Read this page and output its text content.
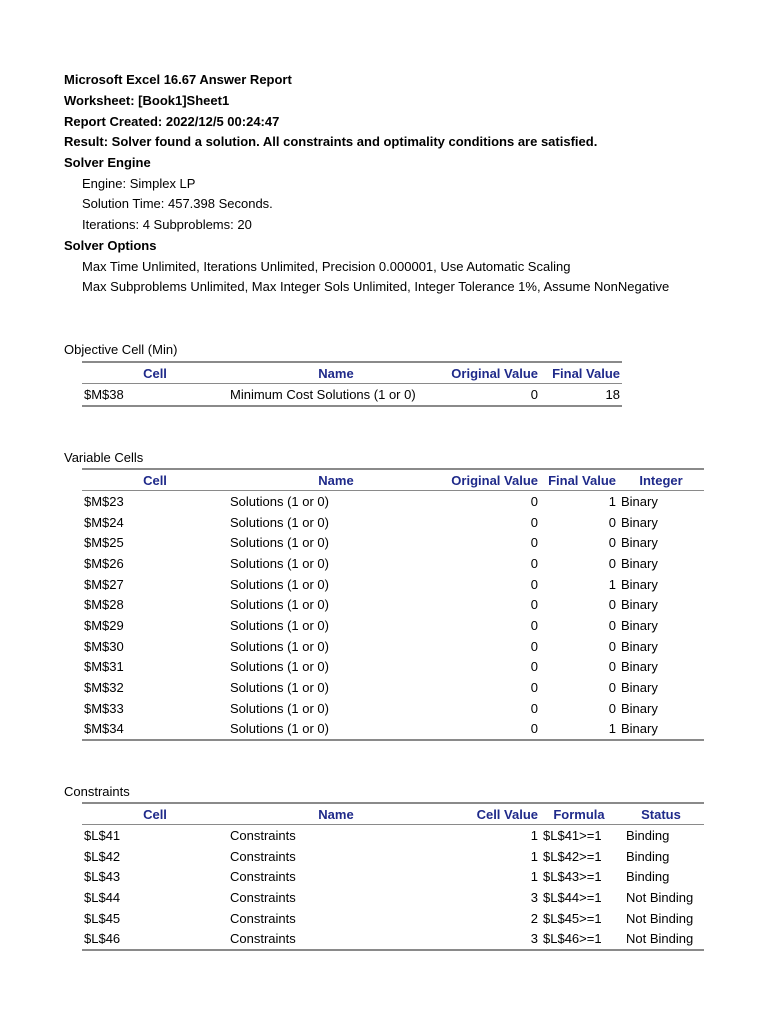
Microsoft Excel 16.67 Answer Report
Worksheet: [Book1]Sheet1
Report Created: 2022/12/5 00:24:47
Result: Solver found a solution. All constraints and optimality conditions are satisfied.
Solver Engine
Engine: Simplex LP
Solution Time: 457.398 Seconds.
Iterations: 4 Subproblems: 20
Solver Options
Max Time Unlimited, Iterations Unlimited, Precision 0.000001, Use Automatic Scaling
Max Subproblems Unlimited, Max Integer Sols Unlimited, Integer Tolerance 1%, Assume NonNegative
Objective Cell (Min)
Cell	Name	Original Value	Final Value
$M$38	Minimum Cost Solutions (1 or 0)	0	18
Variable Cells
Cell	Name	Original Value	Final Value	Integer
$M$23	Solutions (1 or 0)	0	1	Binary
$M$24	Solutions (1 or 0)	0	0	Binary
$M$25	Solutions (1 or 0)	0	0	Binary
$M$26	Solutions (1 or 0)	0	0	Binary
$M$27	Solutions (1 or 0)	0	1	Binary
$M$28	Solutions (1 or 0)	0	0	Binary
$M$29	Solutions (1 or 0)	0	0	Binary
$M$30	Solutions (1 or 0)	0	0	Binary
$M$31	Solutions (1 or 0)	0	0	Binary
$M$32	Solutions (1 or 0)	0	0	Binary
$M$33	Solutions (1 or 0)	0	0	Binary
$M$34	Solutions (1 or 0)	0	1	Binary
Constraints
Cell	Name	Cell Value	Formula	Status
$L$41	Constraints	1	$L$41>=1	Binding
$L$42	Constraints	1	$L$42>=1	Binding
$L$43	Constraints	1	$L$43>=1	Binding
$L$44	Constraints	3	$L$44>=1	Not Binding
$L$45	Constraints	2	$L$45>=1	Not Binding
$L$46	Constraints	3	$L$46>=1	Not Binding
